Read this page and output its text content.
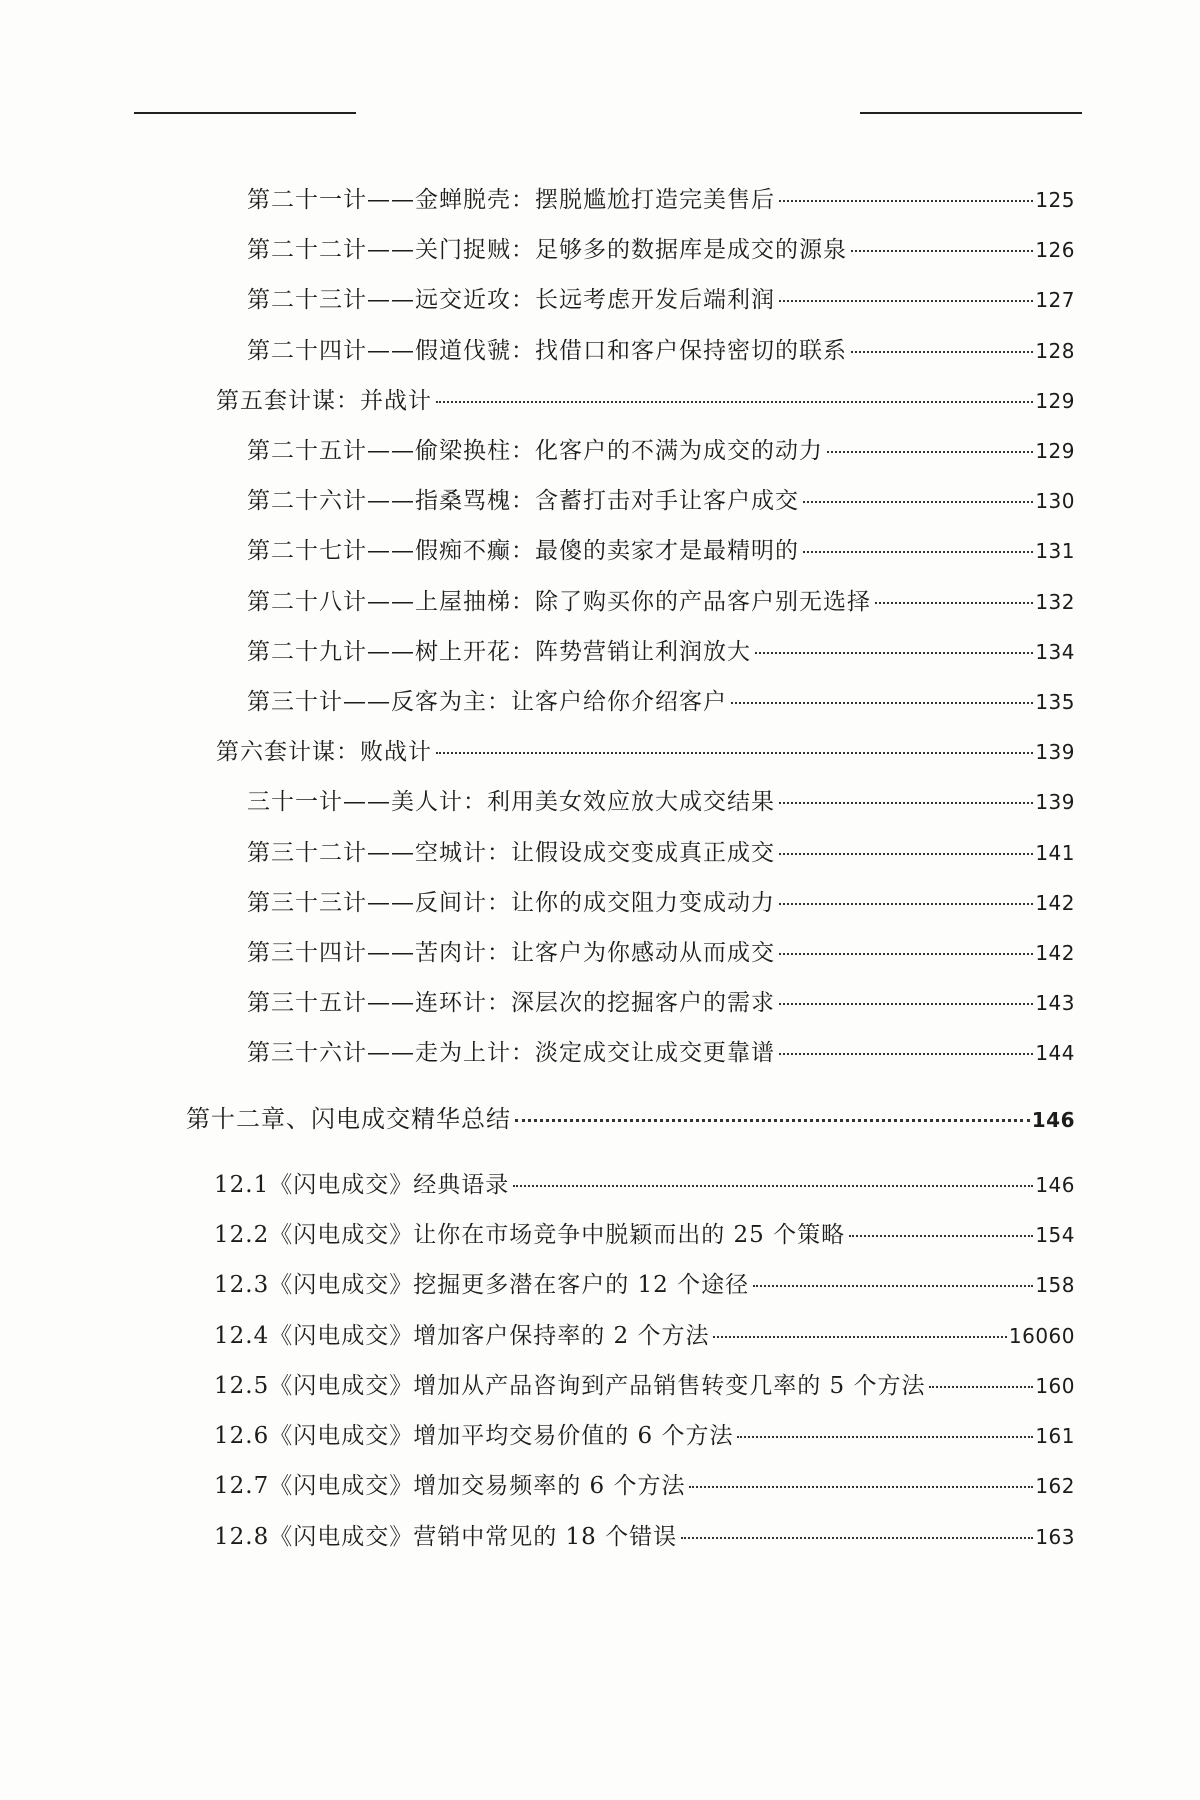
第二十一计——金蝉脱壳：摆脱尴尬打造完美售后	125
第二十二计——关门捉贼：足够多的数据库是成交的源泉	126
第二十三计——远交近攻：长远考虑开发后端利润	127
第二十四计——假道伐虢：找借口和客户保持密切的联系	128
第五套计谋：并战计	129
第二十五计——偷梁换柱：化客户的不满为成交的动力	129
第二十六计——指桑骂槐：含蓄打击对手让客户成交	130
第二十七计——假痴不癫：最傻的卖家才是最精明的	131
第二十八计——上屋抽梯：除了购买你的产品客户别无选择	132
第二十九计——树上开花：阵势营销让利润放大	134
第三十计——反客为主：让客户给你介绍客户	135
第六套计谋：败战计	139
三十一计——美人计：利用美女效应放大成交结果	139
第三十二计——空城计：让假设成交变成真正成交	141
第三十三计——反间计：让你的成交阻力变成动力	142
第三十四计——苦肉计：让客户为你感动从而成交	142
第三十五计——连环计：深层次的挖掘客户的需求	143
第三十六计——走为上计：淡定成交让成交更靠谱	144
第十二章、闪电成交精华总结	146
12.1《闪电成交》经典语录	146
12.2《闪电成交》让你在市场竞争中脱颖而出的 25 个策略	154
12.3《闪电成交》挖掘更多潜在客户的 12 个途径	158
12.4《闪电成交》增加客户保持率的 2 个方法	16060
12.5《闪电成交》增加从产品咨询到产品销售转变几率的 5 个方法	160
12.6《闪电成交》增加平均交易价值的 6 个方法	161
12.7《闪电成交》增加交易频率的 6 个方法	162
12.8《闪电成交》营销中常见的 18 个错误	163
